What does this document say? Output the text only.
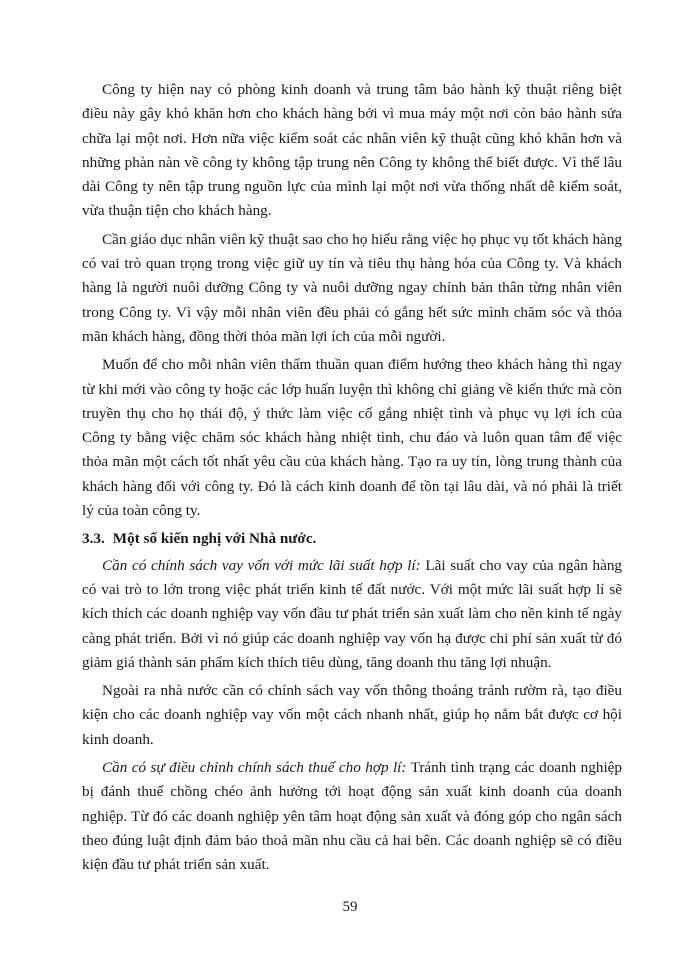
Công ty hiện nay có phòng kinh doanh và trung tâm bảo hành kỹ thuật riêng biệt điều này gây khó khăn hơn cho khách hàng bởi vì mua máy một nơi còn bảo hành sửa chữa lại một nơi. Hơn nữa việc kiểm soát các nhân viên kỹ thuật cũng khó khăn hơn và những phàn nàn về công ty không tập trung nên Công ty không thể biết được. Vì thế lâu dài Công ty nên tập trung nguồn lực của mình lại một nơi vừa thống nhất dễ kiểm soát, vừa thuận tiện cho khách hàng.

Cần giáo dục nhân viên kỹ thuật sao cho họ hiểu rằng việc họ phục vụ tốt khách hàng có vai trò quan trọng trong việc giữ uy tín và tiêu thụ hàng hóa của Công ty. Và khách hàng là người nuôi dưỡng Công ty và nuôi dưỡng ngay chính bản thân từng nhân viên trong Công ty. Vì vậy mỗi nhân viên đều phải có gắng hết sức mình chăm sóc và thỏa mãn khách hàng, đồng thời thỏa mãn lợi ích của mỗi người.

Muốn để cho mỗi nhân viên thấm thuần quan điểm hướng theo khách hàng thì ngay từ khi mới vào công ty hoặc các lớp huấn luyện thì không chỉ giảng về kiến thức mà còn truyền thụ cho họ thái độ, ý thức làm việc cố gắng nhiệt tình và phục vụ lợi ích của Công ty bằng việc chăm sóc khách hàng nhiệt tình, chu đáo và luôn quan tâm để việc thỏa mãn một cách tốt nhất yêu cầu của khách hàng. Tạo ra uy tín, lòng trung thành của khách hàng đối với công ty. Đó là cách kinh doanh để tồn tại lâu dài, và nó phải là triết lý của toàn công ty.

3.3. Một số kiến nghị với Nhà nước.

Cần có chính sách vay vốn với mức lãi suất hợp lí: Lãi suất cho vay của ngân hàng có vai trò to lớn trong việc phát triển kinh tế đất nước. Với một mức lãi suất hợp lí sẽ kích thích các doanh nghiệp vay vốn đầu tư phát triển sản xuất làm cho nền kinh tế ngày càng phát triển. Bởi vì nó giúp các doanh nghiệp vay vốn hạ được chi phí sản xuất từ đó giảm giá thành sản phẩm kích thích tiêu dùng, tăng doanh thu tăng lợi nhuận.

Ngoài ra nhà nước cần có chính sách vay vốn thông thoáng tránh rườm rà, tạo điều kiện cho các doanh nghiệp vay vốn một cách nhanh nhất, giúp họ nắm bắt được cơ hội kinh doanh.

Cần có sự điều chỉnh chính sách thuế cho hợp lí: Tránh tình trạng các doanh nghiệp bị đánh thuế chồng chéo ảnh hưởng tới hoạt động sản xuất kinh doanh của doanh nghiệp. Từ đó các doanh nghiệp yên tâm hoạt động sản xuất và đóng góp cho ngân sách theo đúng luật định đảm bảo thoả mãn nhu cầu cả hai bên. Các doanh nghiệp sẽ có điều kiện đầu tư phát triển sản xuất.

59
